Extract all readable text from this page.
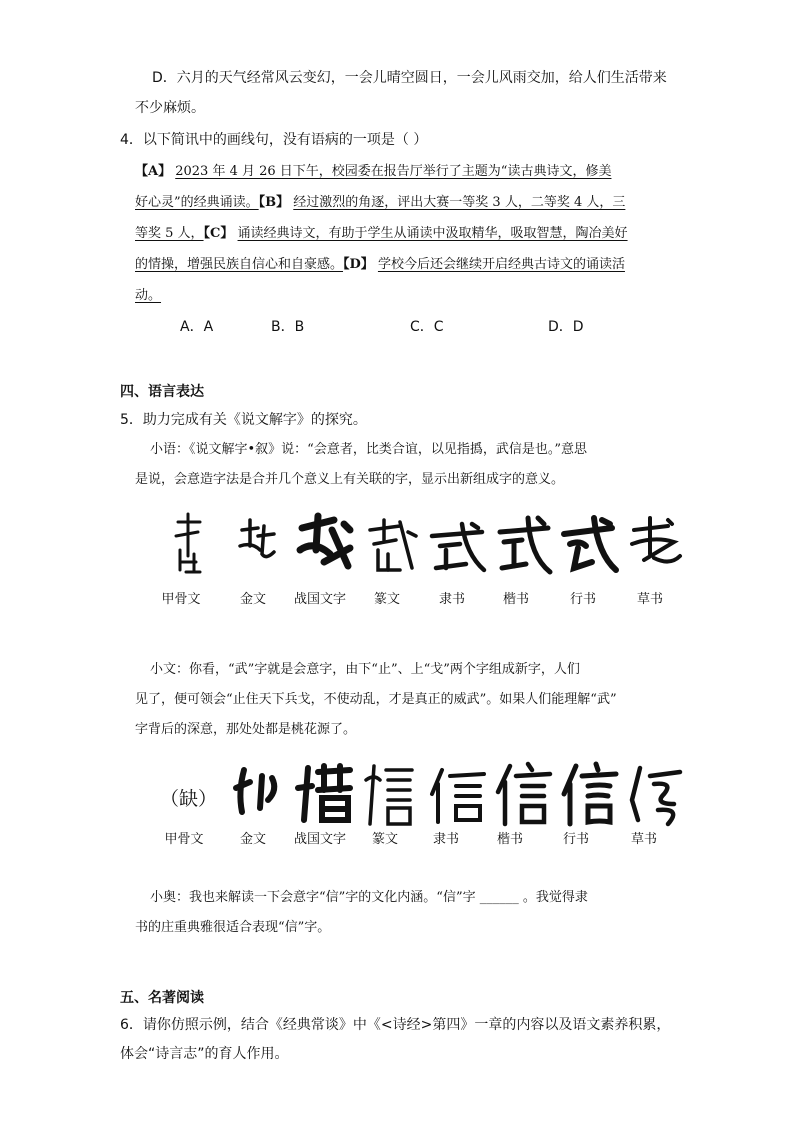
D．六月的天气经常风云变幻，一会儿晴空圆日，一会儿风雨交加，给人们生活带来
不少麻烦。
4．以下简讯中的画线句，没有语病的一项是（ ）
【A】 2023 年 4 月 26 日下午，校园委在报告厅举行了主题为“读古典诗文，修美
好心灵”的经典诵读。【B】 经过激烈的角逐，评出大赛一等奖 3 人，二等奖 4 人，三
等奖 5 人，【C】 诵读经典诗文，有助于学生从诵读中汲取精华，吸取智慧，陶冶美好
的情操，增强民族自信心和自豪感。【D】 学校今后还会继续开启经典古诗文的诵读活
动。
A．A	B．B	C．C	D．D
四、语言表达
5．助力完成有关《说文解字》的探究。
小语：《说文解字•叙》说：“会意者，比类合谊，以见指撝，武信是也。”意思
是说，会意造字法是合并几个意义上有关联的字，显示出新组成字的意义。
甲骨文	金文 战国文字 篆文	隶书	楷书	行书	草书
小文：你看，“武”字就是会意字，由下“止”、上“戈”两个字组成新字，人们
见了，便可领会“止住天下兵戈，不使动乱，才是真正的威武”。如果人们能理解“武”
字背后的深意，那处处都是桃花源了。
（缺）
甲骨文	金文 战国文字 篆文	隶书	楷书	行书	草书
小奥：我也来解读一下会意字“信”字的文化内涵。“信”字 ______ 。我觉得隶
书的庄重典雅很适合表现“信”字。
五、名著阅读
6．请你仿照示例，结合《经典常谈》中《<诗经>第四》一章的内容以及语文素养积累，
体会“诗言志”的育人作用。
